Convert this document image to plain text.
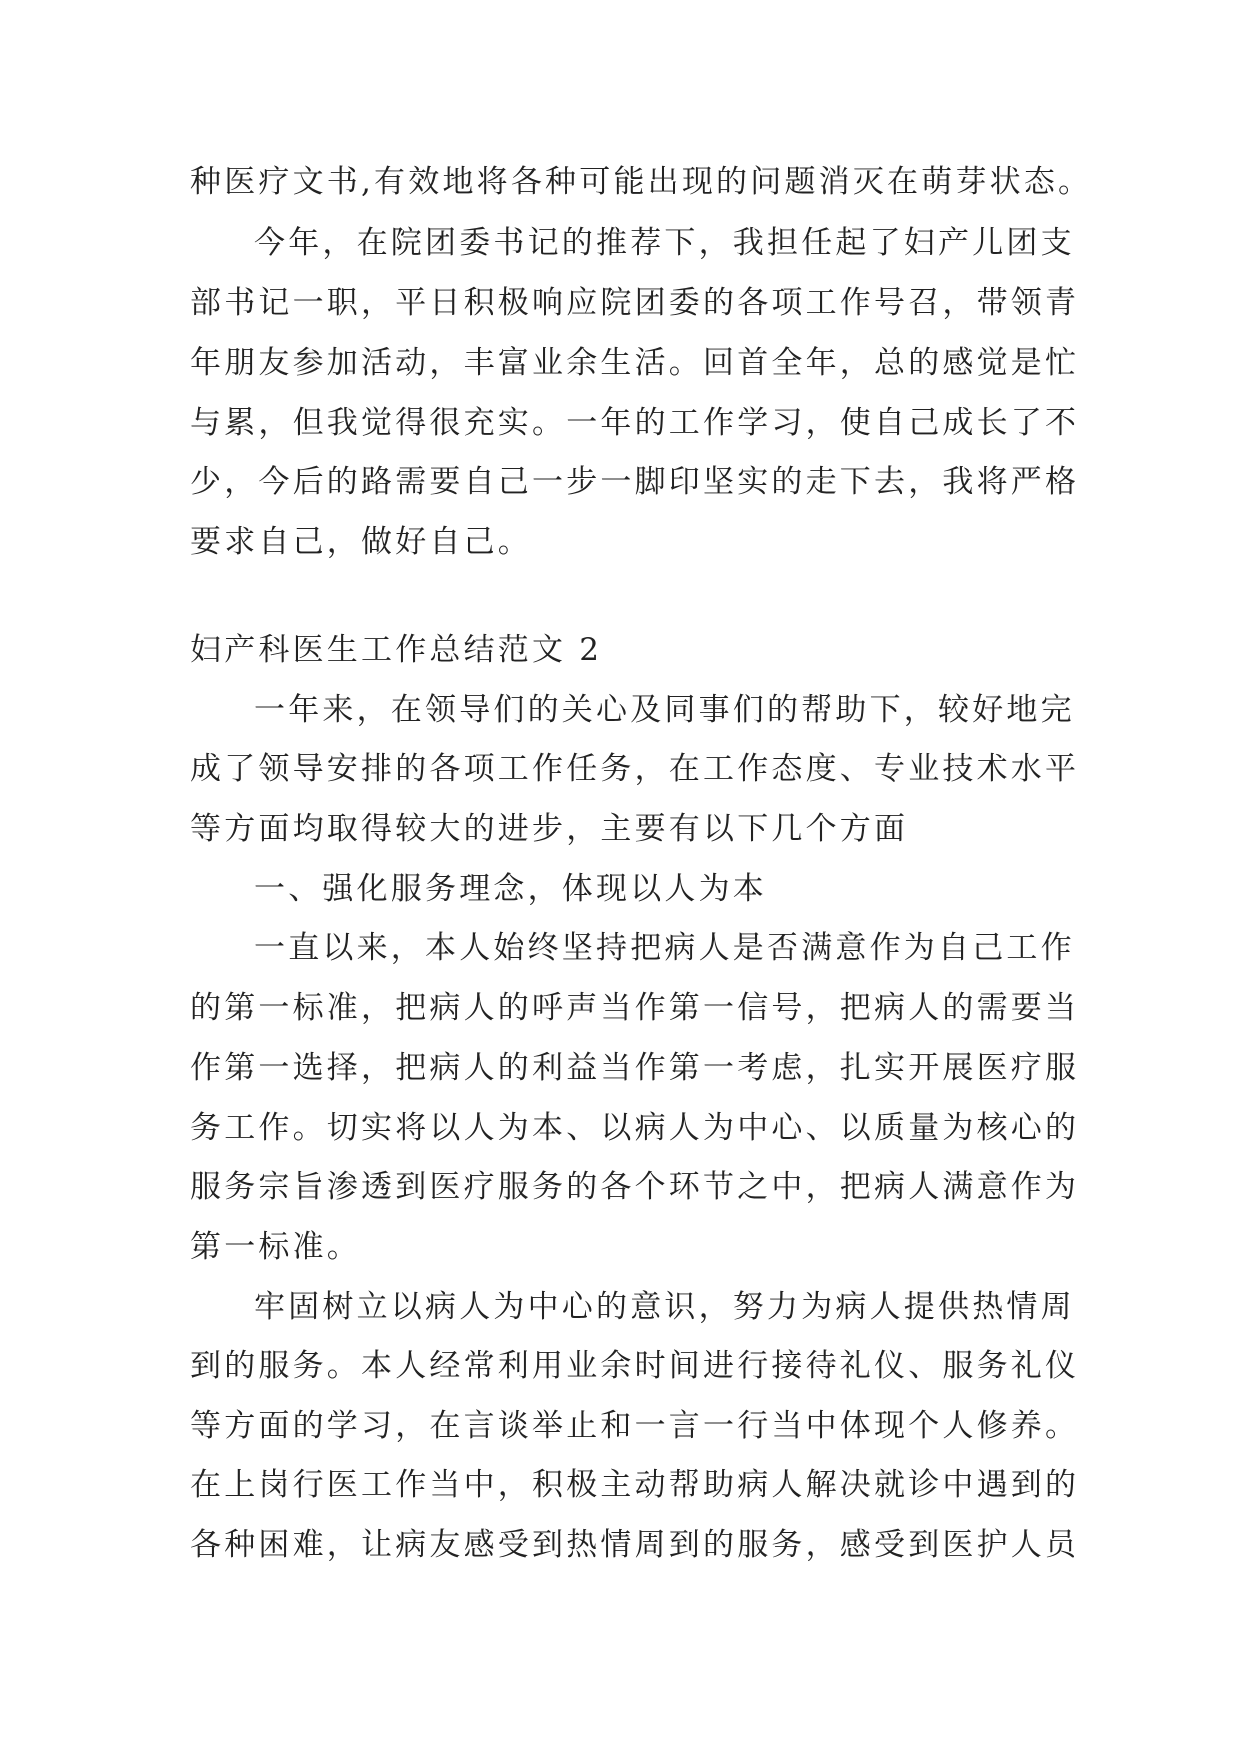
种医疗文书,有效地将各种可能出现的问题消灭在萌芽状态。
今年，在院团委书记的推荐下，我担任起了妇产儿团支
部书记一职，平日积极响应院团委的各项工作号召，带领青
年朋友参加活动，丰富业余生活。回首全年，总的感觉是忙
与累，但我觉得很充实。一年的工作学习，使自己成长了不
少，今后的路需要自己一步一脚印坚实的走下去，我将严格
要求自己，做好自己。
妇产科医生工作总结范文 2
一年来，在领导们的关心及同事们的帮助下，较好地完
成了领导安排的各项工作任务，在工作态度、专业技术水平
等方面均取得较大的进步，主要有以下几个方面
一、强化服务理念，体现以人为本
一直以来，本人始终坚持把病人是否满意作为自己工作
的第一标准，把病人的呼声当作第一信号，把病人的需要当
作第一选择，把病人的利益当作第一考虑，扎实开展医疗服
务工作。切实将以人为本、以病人为中心、以质量为核心的
服务宗旨渗透到医疗服务的各个环节之中，把病人满意作为
第一标准。
牢固树立以病人为中心的意识，努力为病人提供热情周
到的服务。本人经常利用业余时间进行接待礼仪、服务礼仪
等方面的学习，在言谈举止和一言一行当中体现个人修养。
在上岗行医工作当中，积极主动帮助病人解决就诊中遇到的
各种困难，让病友感受到热情周到的服务，感受到医护人员
